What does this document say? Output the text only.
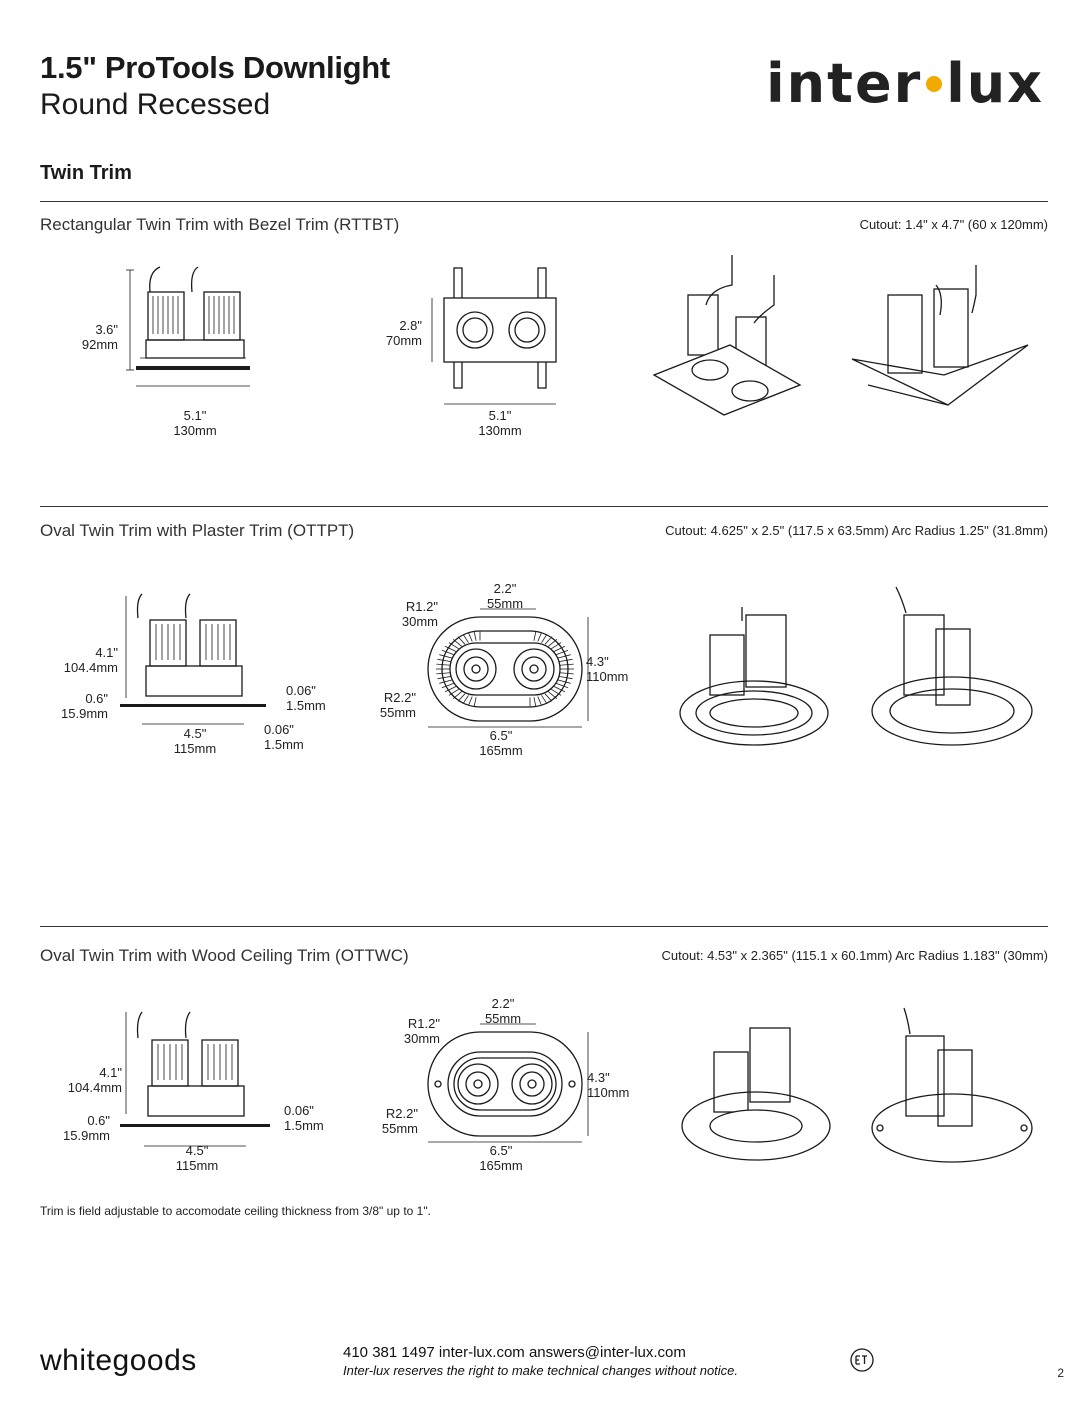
1.5" ProTools Downlight
Round Recessed	inter lux
Twin Trim
Rectangular Twin Trim with Bezel Trim (RTTBT)	Cutout: 1.4" x 4.7" (60 x 120mm)
3.6"
92mm
5.1"
130mm
2.8"
70mm
5.1"
130mm
Oval Twin Trim with Plaster Trim (OTTPT)	Cutout: 4.625" x 2.5" (117.5 x 63.5mm) Arc Radius 1.25" (31.8mm)
4.1"
104.4mm
0.6"
15.9mm
0.06"
1.5mm
0.06"
1.5mm
4.5"
115mm
2.2"
55mm
R1.2"
30mm
R2.2"
55mm
4.3"
110mm
6.5"
165mm
Oval Twin Trim with Wood Ceiling Trim (OTTWC)	Cutout: 4.53" x 2.365" (115.1 x 60.1mm) Arc Radius 1.183" (30mm)
4.1"
104.4mm
0.6"
15.9mm
0.06"
1.5mm
4.5"
115mm
2.2"
55mm
R1.2"
30mm
R2.2"
55mm
4.3"
110mm
6.5"
165mm
Trim is field adjustable to accomodate ceiling thickness from 3/8" up to 1".
whitegoods	410 381 1497 inter-lux.com answers@inter-lux.com
Inter-lux reserves the right to make technical changes without notice.	2
